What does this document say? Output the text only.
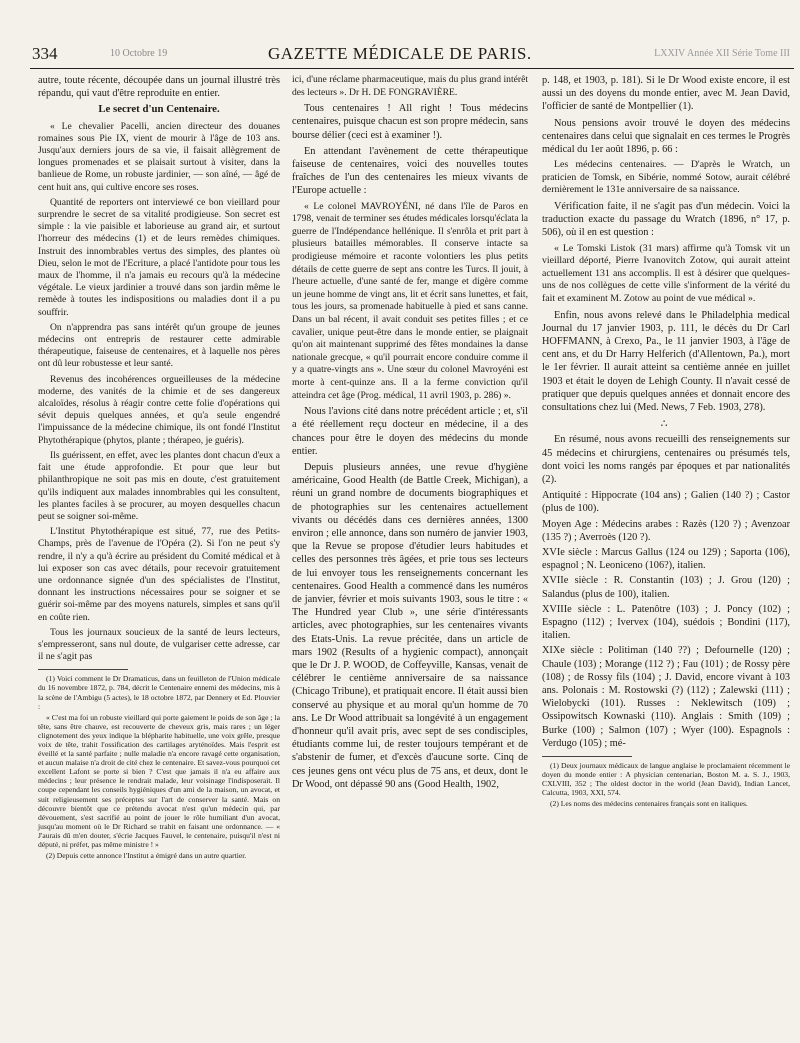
334	10 Octobre 19	GAZETTE MÉDICALE DE PARIS.	LXXIV Année XII Série Tome III

autre, toute récente, découpée dans un journal illustré très répandu, qui vaut d'être reproduite en entier.

Le secret d'un Centenaire.

« Le chevalier Pacelli, ancien directeur des douanes romaines sous Pie IX, vient de mourir à l'âge de 103 ans. Jusqu'aux derniers jours de sa vie, il faisait allègrement de longues promenades et se plaisait surtout à visiter, dans la banlieue de Rome, un robuste jardinier, — son aîné, — âgé de cent huit ans, qui cultive encore ses roses.

Quantité de reporters ont interviewé ce bon vieillard pour surprendre le secret de sa vitalité prodigieuse. Son secret est simple : la vie paisible et laborieuse au grand air, et surtout l'horreur des médecins (1) et de leurs remèdes chimiques. Instruit des innombrables vertus des simples, des plantes où Dieu, selon le mot de l'Ecriture, a placé l'antidote pour tous les maux de l'homme, il n'a jamais eu recours qu'à la médecine végétale. Le vieux jardinier a trouvé dans son jardin même le remède à toutes les indispositions ou maladies dont il a pu souffrir.

On n'apprendra pas sans intérêt qu'un groupe de jeunes médecins ont entrepris de restaurer cette admirable thérapeutique, faiseuse de centenaires, et à laquelle nos pères ont dû leur robustesse et leur santé.

Revenus des incohérences orgueilleuses de la médecine moderne, des vanités de la chimie et de ses dangereux alcaloïdes, résolus à réagir contre cette folie d'opérations qui sévit depuis quelques années, et qu'a seule engendré l'impuissance de la médecine chimique, ils ont fondé l'Institut Phytothérapique (phytos, plante ; thérapeo, je guéris).

Ils guérissent, en effet, avec les plantes dont chacun d'eux a fait une étude approfondie. Et pour que leur but philanthropique ne soit pas mis en doute, c'est gratuitement qu'ils indiquent aux malades innombrables qui les consultent, les plantes faciles à se procurer, au moyen desquelles chacun peut se soigner soi-même.

L'Institut Phytothérapique est situé, 77, rue des Petits-Champs, près de l'avenue de l'Opéra (2). Si l'on ne peut s'y rendre, il n'y a qu'à écrire au président du Comité médical et à lui exposer son cas avec détails, pour recevoir gratuitement une ordonnance signée d'un des spécialistes de l'Institut, donnant les instructions nécessaires pour se soigner et se guérir soi-même par des moyens naturels, simples et sans qu'il en coûte rien.

Tous les journaux soucieux de la santé de leurs lecteurs, s'empresseront, sans nul doute, de vulgariser cette adresse, car il ne s'agit pas

(1) Voici comment le Dr Dramaticus, dans un feuilleton de l'Union médicale du 16 novembre 1872, p. 784, décrit le Centenaire ennemi des médecins, mis à la scène de l'Ambigu (5 actes), le 18 octobre 1872, par Dennery et Ed. Plouvier :

« C'est ma foi un robuste vieillard qui porte gaiement le poids de son âge ; la tête, sans être chauve, est recouverte de cheveux gris, mais rares ; un léger clignotement des yeux indique la blépharite habituelle, une voix grêle, presque voix de tête, trahit l'ossification des cartilages aryténoïdes. Mais l'esprit est éveillé et la santé parfaite ; nulle maladie n'a encore ravagé cette organisation, et aucun malaise n'a droit de cité chez le centenaire. Et savez-vous pourquoi cet excellent Lafont se porte si bien ? C'est que jamais il n'a eu affaire aux médecins ; leur présence le rendrait malade, leur voisinage l'indisposerait. Il coupe cependant les conseils hygiéniques d'un ami de la maison, un avocat, et suit religieusement ses préceptes sur l'art de conserver la santé. Mais on découvre bientôt que ce prétendu avocat n'est qu'un médecin qui, par dévouement, s'est sacrifié au point de jouer le rôle humiliant d'un avocat, jusqu'au moment où le Dr Richard se trahit en faisant une ordonnance. — « J'aurais dû m'en douter, s'écrie Jacques Fauvel, le centenaire, puisqu'il n'est ni député, ni préfet, pas même ministre ! »

(2) Depuis cette annonce l'Institut a émigré dans un autre quartier.

ici, d'une réclame pharmaceutique, mais du plus grand intérêt des lecteurs ». Dr H. DE FONGRAVIÈRE.

Tous centenaires ! All right ! Tous médecins centenaires, puisque chacun est son propre médecin, sans bourse délier (ceci est à examiner !).

En attendant l'avènement de cette thérapeutique faiseuse de centenaires, voici des nouvelles toutes fraîches de l'un des centenaires les mieux vivants de l'Europe actuelle :

« Le colonel MAVROYÉNI, né dans l'île de Paros en 1798, venait de terminer ses études médicales lorsqu'éclata la guerre de l'Indépendance hellénique. Il s'enrôla et prit part à plusieurs batailles mémorables. Il conserve intacte sa prodigieuse mémoire et raconte volontiers les plus petits détails de cette guerre de sept ans contre les Turcs. Il jouit, à l'heure actuelle, d'une santé de fer, mange et digère comme un jeune homme de vingt ans, lit et écrit sans lunettes, et fait, tous les jours, sa promenade habituelle à pied et sans canne. Dans un bal récent, il avait conduit ses petites filles ; et ce cavalier, unique peut-être dans le monde entier, se plaignait qu'on ait maintenant supprimé des fêtes mondaines la danse nationale grecque, « qu'il pourrait encore conduire comme il y a quatre-vingts ans ». Une sœur du colonel Mavroyéni est morte à cent-quinze ans. Il a la ferme conviction qu'il atteindra cet âge (Prog. médical, 11 avril 1903, p. 286) ».

Nous l'avions cité dans notre précédent article ; et, s'il a été réellement reçu docteur en médecine, il a des chances pour être le doyen des médecins du monde entier.

Depuis plusieurs années, une revue d'hygiène américaine, Good Health (de Battle Creek, Michigan), a réuni un grand nombre de documents biographiques et de photographies sur les centenaires actuellement vivants ou décédés dans ces dernières années, 1300 environ ; elle annonce, dans son numéro de janvier 1903, que la Revue se propose d'étudier leurs habitudes et celles des personnes très âgées, et prie tous ses lecteurs de lui envoyer tous les renseignements concernant les centenaires. Good Health a commencé dans les numéros de janvier, février et mois suivants 1903, sous le titre : « The Hundred year Club », une série d'intéressants articles, avec photographies, sur les centenaires vivants des Etats-Unis. La revue précitée, dans un article de mars 1902 (Results of a hygienic compact), annonçait que le Dr J. P. WOOD, de Coffeyville, Kansas, venait de célébrer le centième anniversaire de sa naissance (Chicago Tribune), et pratiquait encore. Il était aussi bien conservé au physique et au moral qu'un homme de 70 ans. Le Dr Wood attribuait sa longévité à un engagement d'honneur qu'il avait pris, avec sept de ses condisciples, étudiants comme lui, de rester toujours tempérant et de s'abstenir de fumer, et d'excès d'aucune sorte. Cinq de ces jeunes gens ont vécu plus de 75 ans, et deux, dont le Dr Wood, ont dépassé 90 ans (Good Health, 1902,

p. 148, et 1903, p. 181). Si le Dr Wood existe encore, il est aussi un des doyens du monde entier, avec M. Jean David, l'officier de santé de Montpellier (1).

Nous pensions avoir trouvé le doyen des médecins centenaires dans celui que signalait en ces termes le Progrès médical du 1er août 1896, p. 66 :

Les médecins centenaires. — D'après le Wratch, un praticien de Tomsk, en Sibérie, nommé Sotow, aurait célébré dernièrement le 131e anniversaire de sa naissance.

Vérification faite, il ne s'agit pas d'un médecin. Voici la traduction exacte du passage du Wratch (1896, n° 17, p. 506), où il en est question :

« Le Tomski Listok (31 mars) affirme qu'à Tomsk vit un vieillard déporté, Pierre Ivanovitch Zotow, qui aurait atteint actuellement 131 ans accomplis. Il est à désirer que quelques-uns de nos collègues de cette ville s'informent de la vérité du fait et examinent M. Zotow au point de vue médical ».

Enfin, nous avons relevé dans le Philadelphia medical Journal du 17 janvier 1903, p. 111, le décès du Dr Carl HOFFMANN, à Crexo, Pa., le 11 janvier 1903, à l'âge de cent ans, et du Dr Harry Helferich (d'Allentown, Pa.), mort le 1er février. Il aurait atteint sa centième année en juillet 1903 et était le doyen de Lehigh County. Il n'avait cessé de pratiquer que depuis quelques années et donnait encore des consultations chez lui (Med. News, 7 Feb. 1903, 278).

∴

En résumé, nous avons recueilli des renseignements sur 45 médecins et chirurgiens, centenaires ou présumés tels, dont voici les noms rangés par époques et par nationalités (2).

Antiquité : Hippocrate (104 ans) ; Galien (140 ?) ; Castor (plus de 100).

Moyen Age : Médecins arabes : Razès (120 ?) ; Avenzoar (135 ?) ; Averroès (120 ?).

XVIe siècle : Marcus Gallus (124 ou 129) ; Saporta (106), espagnol ; N. Leoniceno (106?), italien.

XVIIe siècle : R. Constantin (103) ; J. Grou (120) ; Salandus (plus de 100), italien.

XVIIIe siècle : L. Patenôtre (103) ; J. Poncy (102) ; Espagno (112) ; Ivervex (104), suédois ; Bondini (117), italien.

XIXe siècle : Politiman (140 ??) ; Defournelle (120) ; Chaule (103) ; Morange (112 ?) ; Fau (101) ; de Rossy père (108) ; de Rossy fils (104) ; J. David, encore vivant à 103 ans. Polonais : M. Rostowski (?) (112) ; Zalewski (111) ; Wielobycki (101). Russes : Neklewitsch (109) ; Ossipowitsch Kownaski (110). Anglais : Smith (109) ; Burke (100) ; Salmon (107) ; Wyer (100). Espagnols : Verdugo (105) ; mé-

(1) Deux journaux médicaux de langue anglaise le proclamaient récemment le doyen du monde entier : A physician centenarian, Boston M. a. S. J., 1903, CXLVIII, 352 ; The oldest doctor in the world (Jean David), Indian Lancet, Calcutta, 1903, XXI, 574.

(2) Les noms des médecins centenaires français sont en italiques.
